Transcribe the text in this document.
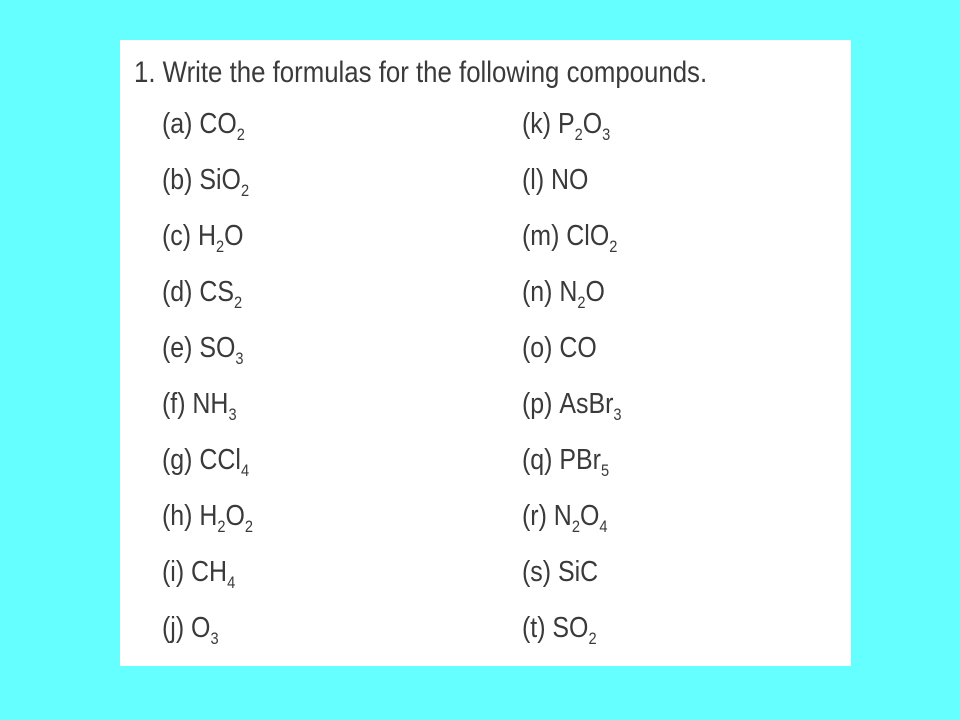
1. Write the formulas for the following compounds.
(a) $CO_2$
(b) SiO$_2$
(c) $H_2O$
(d) $CS_2$
(e) $SO_3$
(f) $NH_3$
(g) CCl$_4$
(h) $H_2O_2$
(i) $CH_4$
(j) $O_3$
(k) $P_2O_3$
(l) NO
(m) ClO$_2$
(n) $N_2O$
(o) CO
(p) AsBr$_3$
(q) PBr$_5$
(r) $N_2O_4$
(s) SiC
(t) $SO_2$
